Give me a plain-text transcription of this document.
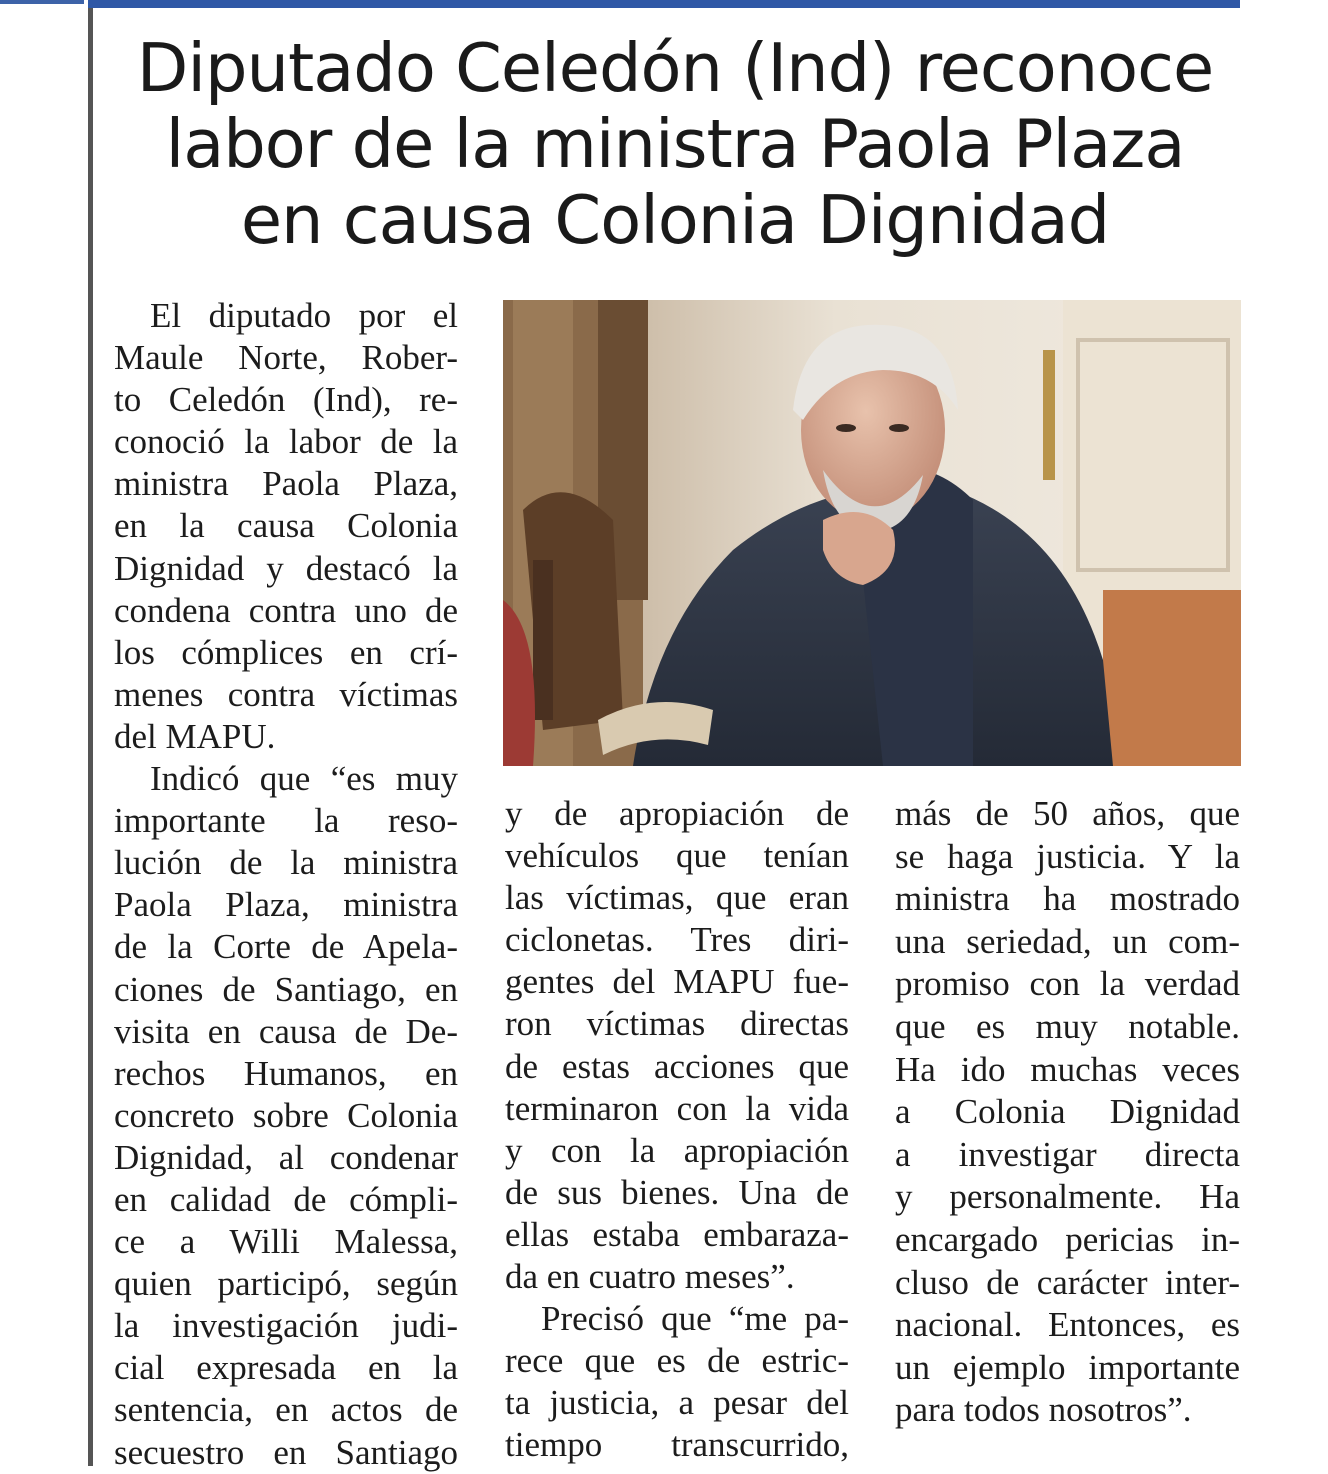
Diputado Celedón (Ind) reconoce
labor de la ministra Paola Plaza
en causa Colonia Dignidad
El diputado por el
Maule Norte, Rober-
to Celedón (Ind), re-
conoció la labor de la
ministra Paola Plaza,
en la causa Colonia
Dignidad y destacó la
condena contra uno de
los cómplices en crí-
menes contra víctimas
del MAPU.
Indicó que “es muy
importante la reso-
lución de la ministra
Paola Plaza, ministra
de la Corte de Apela-
ciones de Santiago, en
visita en causa de De-
rechos Humanos, en
concreto sobre Colonia
Dignidad, al condenar
en calidad de cómpli-
ce a Willi Malessa,
quien participó, según
la investigación judi-
cial expresada en la
sentencia, en actos de
secuestro en Santiago
y de apropiación de
vehículos que tenían
las víctimas, que eran
ciclonetas. Tres diri-
gentes del MAPU fue-
ron víctimas directas
de estas acciones que
terminaron con la vida
y con la apropiación
de sus bienes. Una de
ellas estaba embaraza-
da en cuatro meses”.
Precisó que “me pa-
rece que es de estric-
ta justicia, a pesar del
tiempo transcurrido,
más de 50 años, que
se haga justicia. Y la
ministra ha mostrado
una seriedad, un com-
promiso con la verdad
que es muy notable.
Ha ido muchas veces
a Colonia Dignidad
a investigar directa
y personalmente. Ha
encargado pericias in-
cluso de carácter inter-
nacional. Entonces, es
un ejemplo importante
para todos nosotros”.
